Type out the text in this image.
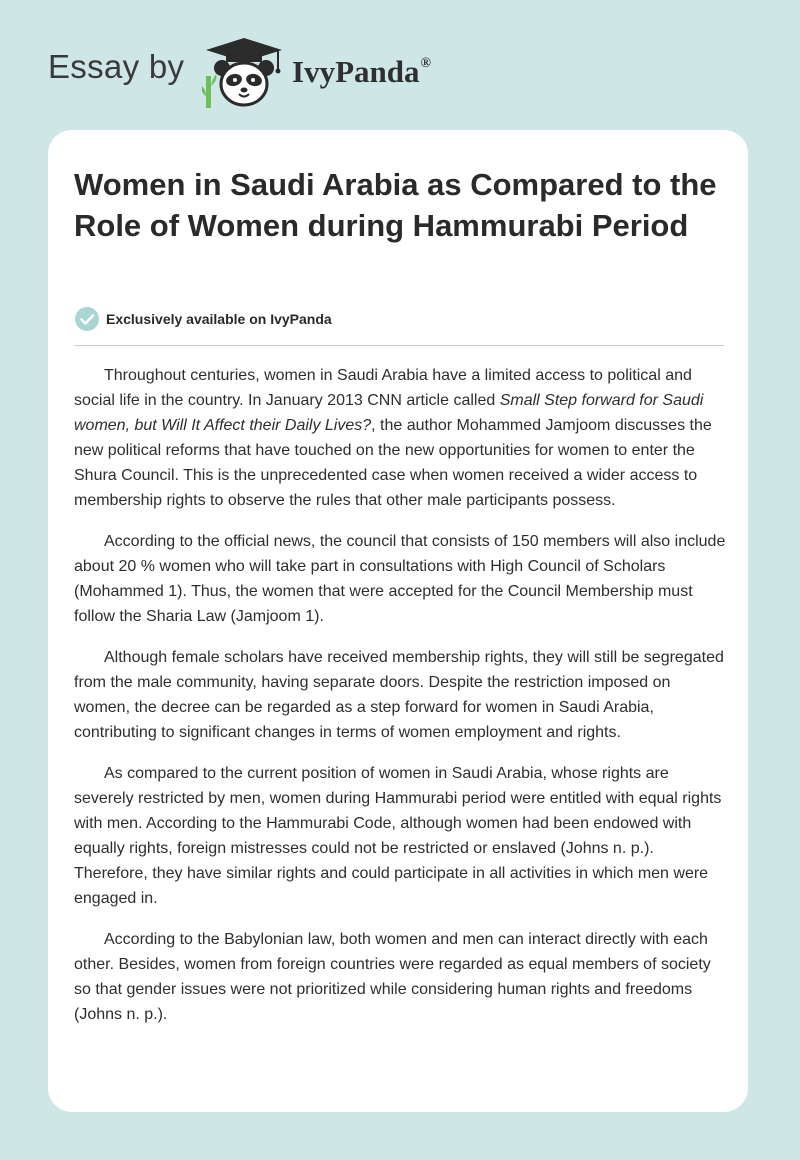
Essay by	IvyPanda®
Women in Saudi Arabia as Compared to the Role of Women during Hammurabi Period
Exclusively available on IvyPanda

Throughout centuries, women in Saudi Arabia have a limited access to political and social life in the country. In January 2013 CNN article called Small Step forward for Saudi women, but Will It Affect their Daily Lives?, the author Mohammed Jamjoom discusses the new political reforms that have touched on the new opportunities for women to enter the Shura Council. This is the unprecedented case when women received a wider access to membership rights to observe the rules that other male participants possess.

According to the official news, the council that consists of 150 members will also include about 20 % women who will take part in consultations with High Council of Scholars (Mohammed 1). Thus, the women that were accepted for the Council Membership must follow the Sharia Law (Jamjoom 1).

Although female scholars have received membership rights, they will still be segregated from the male community, having separate doors. Despite the restriction imposed on women, the decree can be regarded as a step forward for women in Saudi Arabia, contributing to significant changes in terms of women employment and rights.

As compared to the current position of women in Saudi Arabia, whose rights are severely restricted by men, women during Hammurabi period were entitled with equal rights with men. According to the Hammurabi Code, although women had been endowed with equally rights, foreign mistresses could not be restricted or enslaved (Johns n. p.). Therefore, they have similar rights and could participate in all activities in which men were engaged in.

According to the Babylonian law, both women and men can interact directly with each other. Besides, women from foreign countries were regarded as equal members of society so that gender issues were not prioritized while considering human rights and freedoms (Johns n. p.).
